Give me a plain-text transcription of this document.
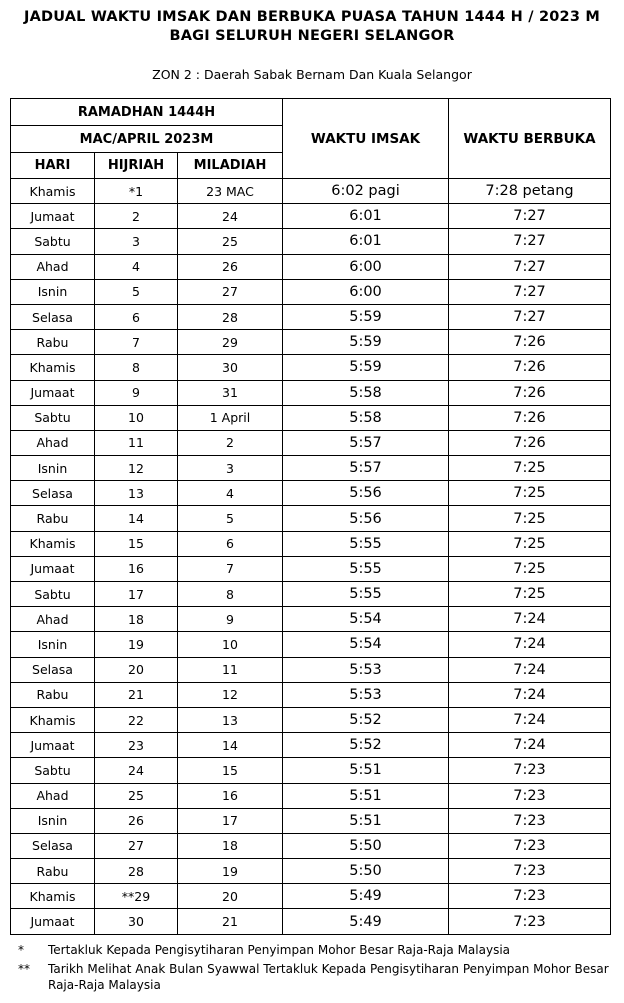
JADUAL WAKTU IMSAK DAN BERBUKA PUASA TAHUN 1444 H / 2023 M
BAGI SELURUH NEGERI SELANGOR
ZON 2 : Daerah Sabak Bernam Dan Kuala Selangor
RAMADHAN 1444H			WAKTU IMSAK	WAKTU BERBUKA
MAC/APRIL 2023M				
HARI	HIJRIAH	MILADIAH		
Khamis	*1	23 MAC	6:02 pagi	7:28 petang
Jumaat	2	24	6:01	7:27
Sabtu	3	25	6:01	7:27
Ahad	4	26	6:00	7:27
Isnin	5	27	6:00	7:27
Selasa	6	28	5:59	7:27
Rabu	7	29	5:59	7:26
Khamis	8	30	5:59	7:26
Jumaat	9	31	5:58	7:26
Sabtu	10	1 April	5:58	7:26
Ahad	11	2	5:57	7:26
Isnin	12	3	5:57	7:25
Selasa	13	4	5:56	7:25
Rabu	14	5	5:56	7:25
Khamis	15	6	5:55	7:25
Jumaat	16	7	5:55	7:25
Sabtu	17	8	5:55	7:25
Ahad	18	9	5:54	7:24
Isnin	19	10	5:54	7:24
Selasa	20	11	5:53	7:24
Rabu	21	12	5:53	7:24
Khamis	22	13	5:52	7:24
Jumaat	23	14	5:52	7:24
Sabtu	24	15	5:51	7:23
Ahad	25	16	5:51	7:23
Isnin	26	17	5:51	7:23
Selasa	27	18	5:50	7:23
Rabu	28	19	5:50	7:23
Khamis	**29	20	5:49	7:23
Jumaat	30	21	5:49	7:23
*	Tertakluk Kepada Pengisytiharan Penyimpan Mohor Besar Raja-Raja Malaysia
**	Tarikh Melihat Anak Bulan Syawwal Tertakluk Kepada Pengisytiharan Penyimpan Mohor Besar Raja-Raja Malaysia
